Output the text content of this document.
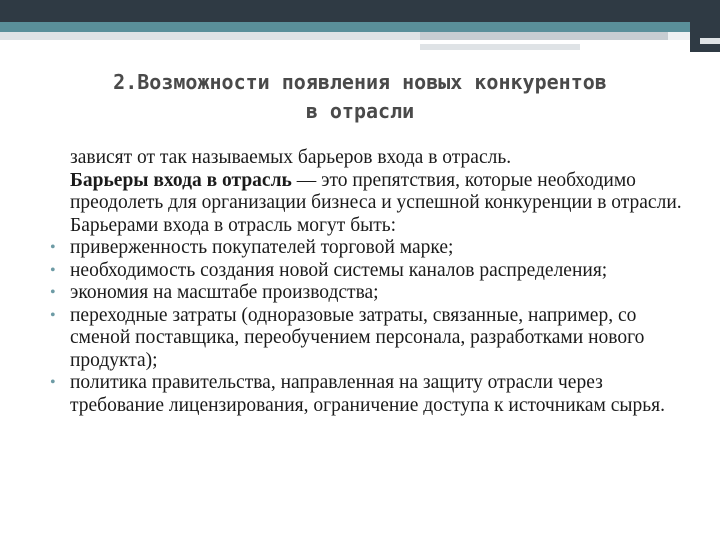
2.Возможности появления новых конкурентов
в отрасли

зависят от так называемых барьеров входа в отрасль.
Барьеры входа в отрасль — это препятствия, которые необходимо преодолеть для организации бизнеса и успешной конкуренции в отрасли. Барьерами входа в отрасль могут быть:

• приверженность покупателей торговой марке;
• необходимость создания новой системы каналов распределения;
• экономия на масштабе производства;
• переходные затраты (одноразовые затраты, связанные, например, со сменой поставщика, переобучением персонала, разработками нового продукта);
• политика правительства, направленная на защиту отрасли через требование лицензирования, ограничение доступа к источникам сырья.
